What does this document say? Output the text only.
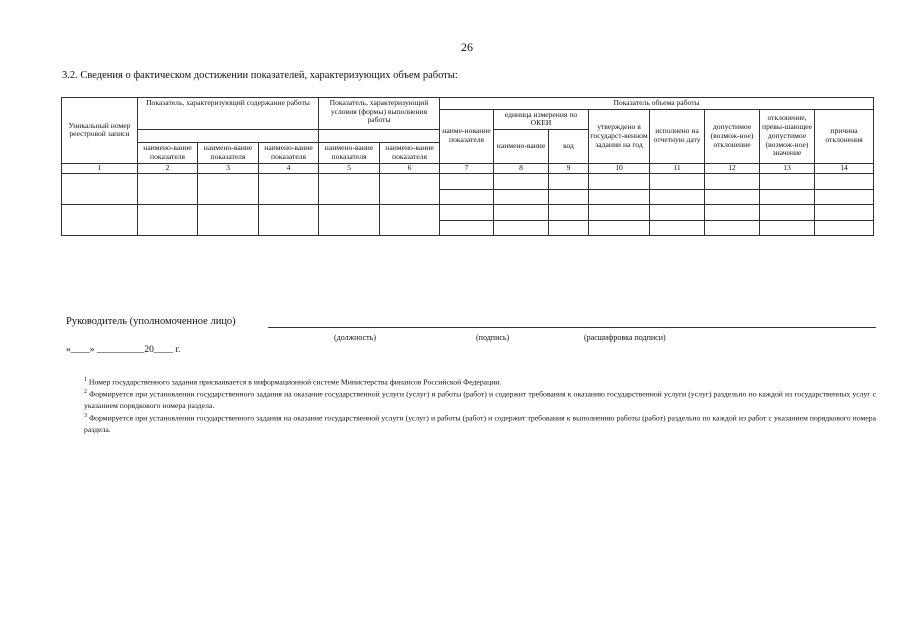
26
3.2. Сведения о фактическом достижении показателей, характеризующих объем работы:
Уникальный номер реестровой записи	Показатель, характеризующий содержание работы			Показатель, характеризующий условия (формы) выполнения работы		Показатель объема работы							
						наиме-нование показателя	единица измерения по ОКЕИ		утверждено в государст-венном задании на год	исполнено на отчетную дату	допустимое (возмож-ное) отклонение	отклонение, превы-шающее допустимое (возмож-ное) значение	причина отклонения
							наимено-вание	код					
	наимено-вание показателя	наимено-вание показателя	наимено-вание показателя	наимено-вание показателя	наимено-вание показателя								
1	2	3	4	5	6	7	8	9	10	11	12	13	14

Руководитель (уполномоченное лицо)
(должность)	(подпись)	(расшифровка подписи)
«____» __________20____ г.

$^1$ Номер государственного задания присваивается в информационной системе Министерства финансов Российской Федерации.

$^2$ Формируется при установлении государственного задания на оказание государственной услуги (услуг) и работы (работ) и содержит требования к оказанию государственной услуги (услуг) раздельно по каждой из государственных услуг с указанием порядкового номера раздела.

$^3$ Формируется при установлении государственного задания на оказание государственной услуги (услуг) и работы (работ) и содержит требования к выполнению работы (работ) раздельно по каждой из работ с указанием порядкового номера раздела.
